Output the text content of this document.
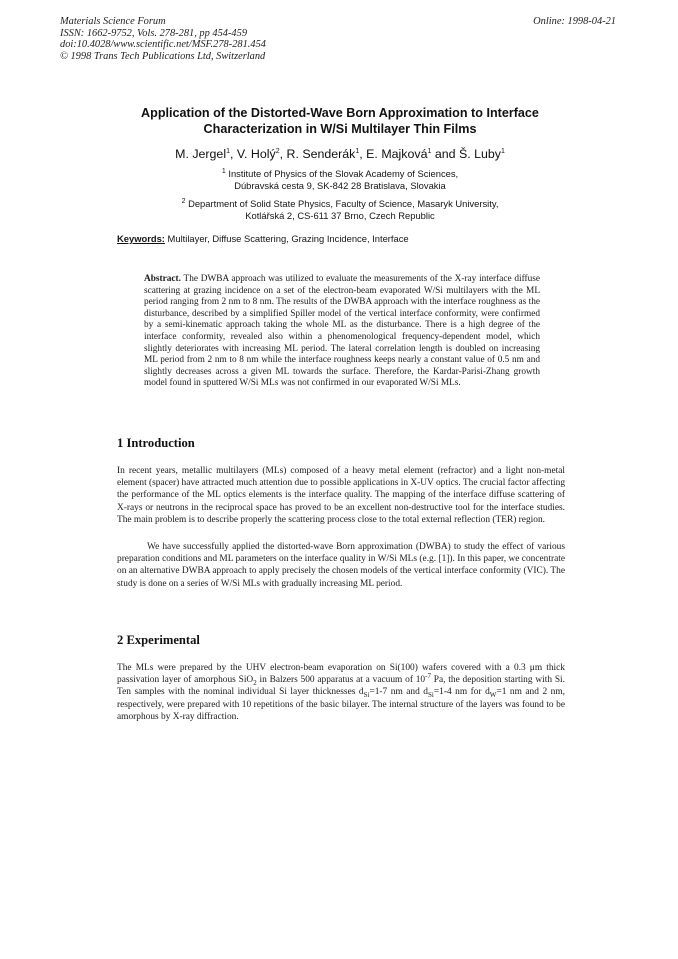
Materials Science Forum
ISSN: 1662-9752, Vols. 278-281, pp 454-459
doi:10.4028/www.scientific.net/MSF.278-281.454
© 1998 Trans Tech Publications Ltd, Switzerland
Online: 1998-04-21
Application of the Distorted-Wave Born Approximation to Interface
Characterization in W/Si Multilayer Thin Films
M. Jergel$^1$, V. Holý$^2$, R. Senderák$^1$, E. Majková$^1$ and Š. Luby$^1$
$^1$ Institute of Physics of the Slovak Academy of Sciences,
Dúbravská cesta 9, SK-842 28 Bratislava, Slovakia
$^2$ Department of Solid State Physics, Faculty of Science, Masaryk University,
Kotlářská 2, CS-611 37 Brno, Czech Republic
Keywords: Multilayer, Diffuse Scattering, Grazing Incidence, Interface
Abstract. The DWBA approach was utilized to evaluate the measurements of the X-ray interface diffuse scattering at grazing incidence on a set of the electron-beam evaporated W/Si multilayers with the ML period ranging from 2 nm to 8 nm. The results of the DWBA approach with the interface roughness as the disturbance, described by a simplified Spiller model of the vertical interface conformity, were confirmed by a semi-kinematic approach taking the whole ML as the disturbance. There is a high degree of the interface conformity, revealed also within a phenomenological frequency-dependent model, which slightly deteriorates with increasing ML period. The lateral correlation length is doubled on increasing ML period from 2 nm to 8 nm while the interface roughness keeps nearly a constant value of 0.5 nm and slightly decreases across a given ML towards the surface. Therefore, the Kardar-Parisi-Zhang growth model found in sputtered W/Si MLs was not confirmed in our evaporated W/Si MLs.
1 Introduction
In recent years, metallic multilayers (MLs) composed of a heavy metal element (refractor) and a light non-metal element (spacer) have attracted much attention due to possible applications in X-UV optics. The crucial factor affecting the performance of the ML optics elements is the interface quality. The mapping of the interface diffuse scattering of X-rays or neutrons in the reciprocal space has proved to be an excellent non-destructive tool for the interface studies. The main problem is to describe properly the scattering process close to the total external reflection (TER) region.
We have successfully applied the distorted-wave Born approximation (DWBA) to study the effect of various preparation conditions and ML parameters on the interface quality in W/Si MLs (e.g. [1]). In this paper, we concentrate on an alternative DWBA approach to apply precisely the chosen models of the vertical interface conformity (VIC). The study is done on a series of W/Si MLs with gradually increasing ML period.
2 Experimental
The MLs were prepared by the UHV electron-beam evaporation on Si(100) wafers covered with a 0.3 μm thick passivation layer of amorphous SiO$_2$ in Balzers 500 apparatus at a vacuum of $10^{-7}$ Pa, the deposition starting with Si. Ten samples with the nominal individual Si layer thicknesses $d_{Si}=1-7$ nm and $d_{Si}=1-4$ nm for $d_W=1$ nm and 2 nm, respectively, were prepared with 10 repetitions of the basic bilayer. The internal structure of the layers was found to be amorphous by X-ray diffraction.
